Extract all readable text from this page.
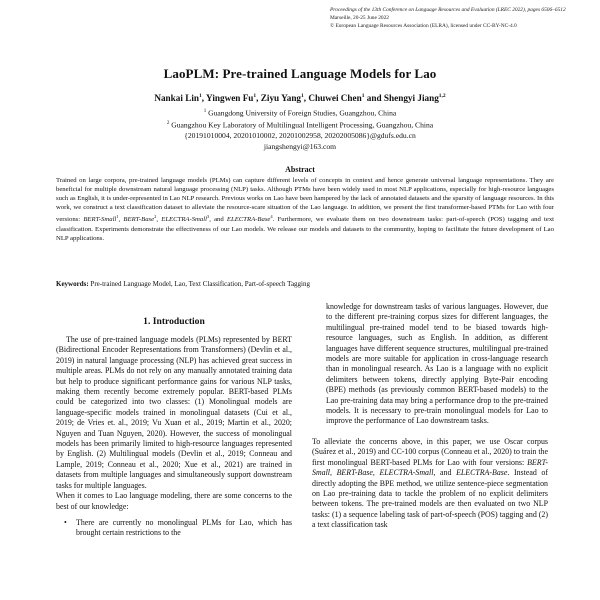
Proceedings of the 13th Conference on Language Resources and Evaluation (LREC 2022), pages 6506–6512
Marseille, 20-25 June 2022
© European Language Resources Association (ELRA), licensed under CC-BY-NC-4.0
LaoPLM: Pre-trained Language Models for Lao
Nankai Lin$^1$, Yingwen Fu$^1$, Ziyu Yang$^1$, Chuwei Chen$^1$ and Shengyi Jiang$^{1,2}$
$^1$ Guangdong University of Foreign Studies, Guangzhou, China
$^2$ Guangzhou Key Laboratory of Multilingual Intelligent Processing, Guangzhou, China
{20191010004, 20201010002, 20201002958, 20202005086}@gdufs.edu.cn
jiangshengyi@163.com
Abstract
Trained on large corpora, pre-trained language models (PLMs) can capture different levels of concepts in context and hence generate universal language representations. They are beneficial for multiple downstream natural language processing (NLP) tasks. Although PTMs have been widely used in most NLP applications, especially for high-resource languages such as English, it is under-represented in Lao NLP research. Previous works on Lao have been hampered by the lack of annotated datasets and the sparsity of language resources. In this work, we construct a text classification dataset to alleviate the resource-scare situation of the Lao language. In addition, we present the first transformer-based PTMs for Lao with four versions: BERT-Small$^1$, BERT-Base$^2$, ELECTRA-Small$^3$, and ELECTRA-Base$^4$. Furthermore, we evaluate them on two downstream tasks: part-of-speech (POS) tagging and text classification. Experiments demonstrate the effectiveness of our Lao models. We release our models and datasets to the community, hoping to facilitate the future development of Lao NLP applications.
Keywords: Pre-trained Language Model, Lao, Text Classification, Part-of-speech Tagging
1. Introduction

The use of pre-trained language models (PLMs) represented by BERT (Bidirectional Encoder Representations from Transformers) (Devlin et al., 2019) in natural language processing (NLP) has achieved great success in multiple areas. PLMs do not rely on any manually annotated training data but help to produce significant performance gains for various NLP tasks, making them recently become extremely popular. BERT-based PLMs could be categorized into two classes: (1) Monolingual models are language-specific models trained in monolingual datasets (Cui et al., 2019; de Vries et. al., 2019; Vu Xuan et al., 2019; Martin et al., 2020; Nguyen and Tuan Nguyen, 2020). However, the success of monolingual models has been primarily limited to high-resource languages represented by English. (2) Multilingual models (Devlin et al., 2019; Conneau and Lample, 2019; Conneau et al., 2020; Xue et al., 2021) are trained in datasets from multiple languages and simultaneously support downstream tasks for multiple languages.

When it comes to Lao language modeling, there are some concerns to the best of our knowledge:

• There are currently no monolingual PLMs for Lao, which has brought certain restrictions to the

knowledge for downstream tasks of various languages. However, due to the different pre-training corpus sizes for different languages, the multilingual pre-trained model tend to be biased towards high-resource languages, such as English. In addition, as different languages have different sequence structures, multilingual pre-trained models are more suitable for application in cross-language research than in monolingual research. As Lao is a language with no explicit delimiters between tokens, directly applying Byte-Pair encoding (BPE) methods (as previously common BERT-based models) to the Lao pre-training data may bring a performance drop to the pre-trained models. It is necessary to pre-train monolingual models for Lao to improve the performance of Lao downstream tasks.

To alleviate the concerns above, in this paper, we use Oscar corpus (Suárez et al., 2019) and CC-100 corpus (Conneau et al., 2020) to train the first monolingual BERT-based PLMs for Lao with four versions: BERT-Small, BERT-Base, ELECTRA-Small, and ELECTRA-Base. Instead of directly adopting the BPE method, we utilize sentence-piece segmentation on Lao pre-training data to tackle the problem of no explicit delimiters between tokens. The pre-trained models are then evaluated on two NLP tasks: (1) a sequence labeling task of part-of-speech (POS) tagging and (2) a text classification task
